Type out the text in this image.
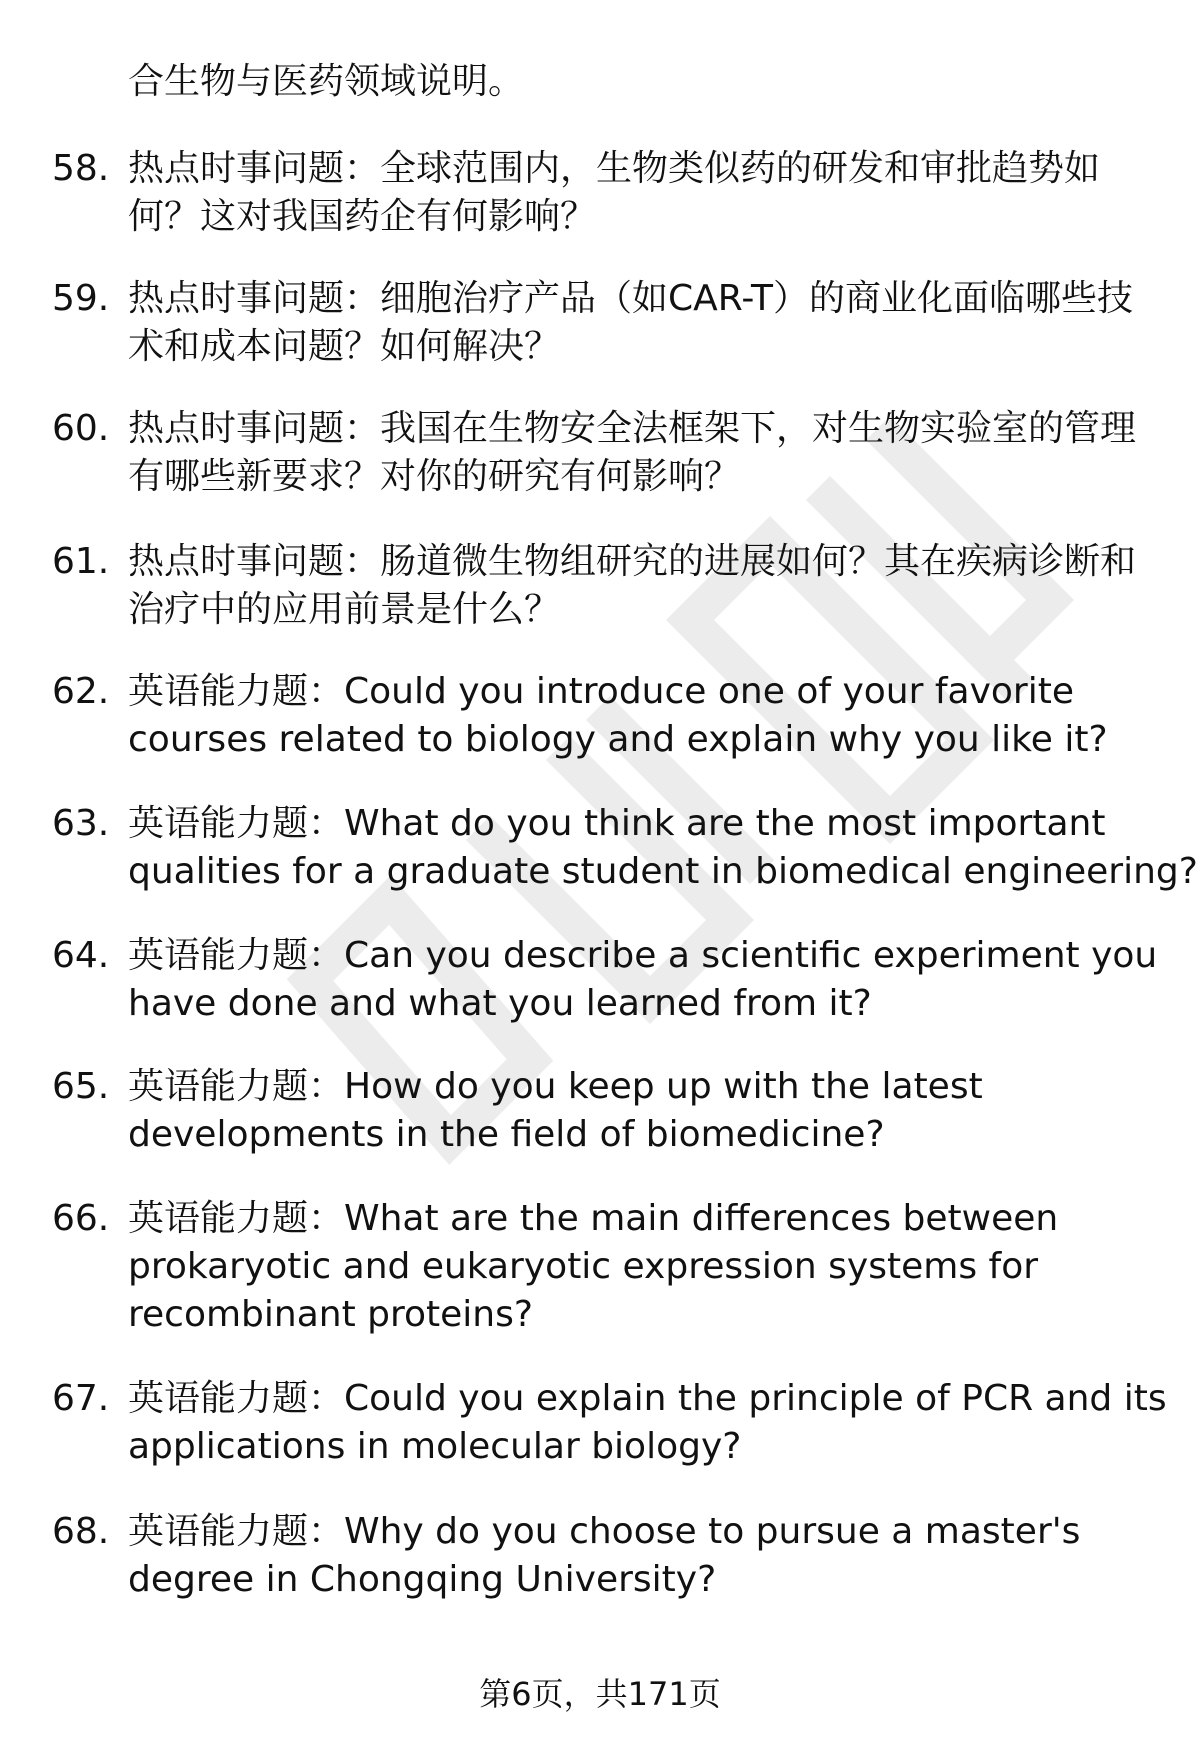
合生物与医药领域说明。

58. 热点时事问题：全球范围内，生物类似药的研发和审批趋势如
何？这对我国药企有何影响？
59. 热点时事问题：细胞治疗产品（如CAR-T）的商业化面临哪些技
术和成本问题？如何解决？
60. 热点时事问题：我国在生物安全法框架下，对生物实验室的管理
有哪些新要求？对你的研究有何影响？
61. 热点时事问题：肠道微生物组研究的进展如何？其在疾病诊断和
治疗中的应用前景是什么？
62. 英语能力题：Could you introduce one of your favorite
courses related to biology and explain why you like it?
63. 英语能力题：What do you think are the most important
qualities for a graduate student in biomedical engineering?
64. 英语能力题：Can you describe a scientific experiment you
have done and what you learned from it?
65. 英语能力题：How do you keep up with the latest
developments in the field of biomedicine?
66. 英语能力题：What are the main differences between
prokaryotic and eukaryotic expression systems for
recombinant proteins?
67. 英语能力题：Could you explain the principle of PCR and its
applications in molecular biology?
68. 英语能力题：Why do you choose to pursue a master's
degree in Chongqing University?
第6页，共171页
